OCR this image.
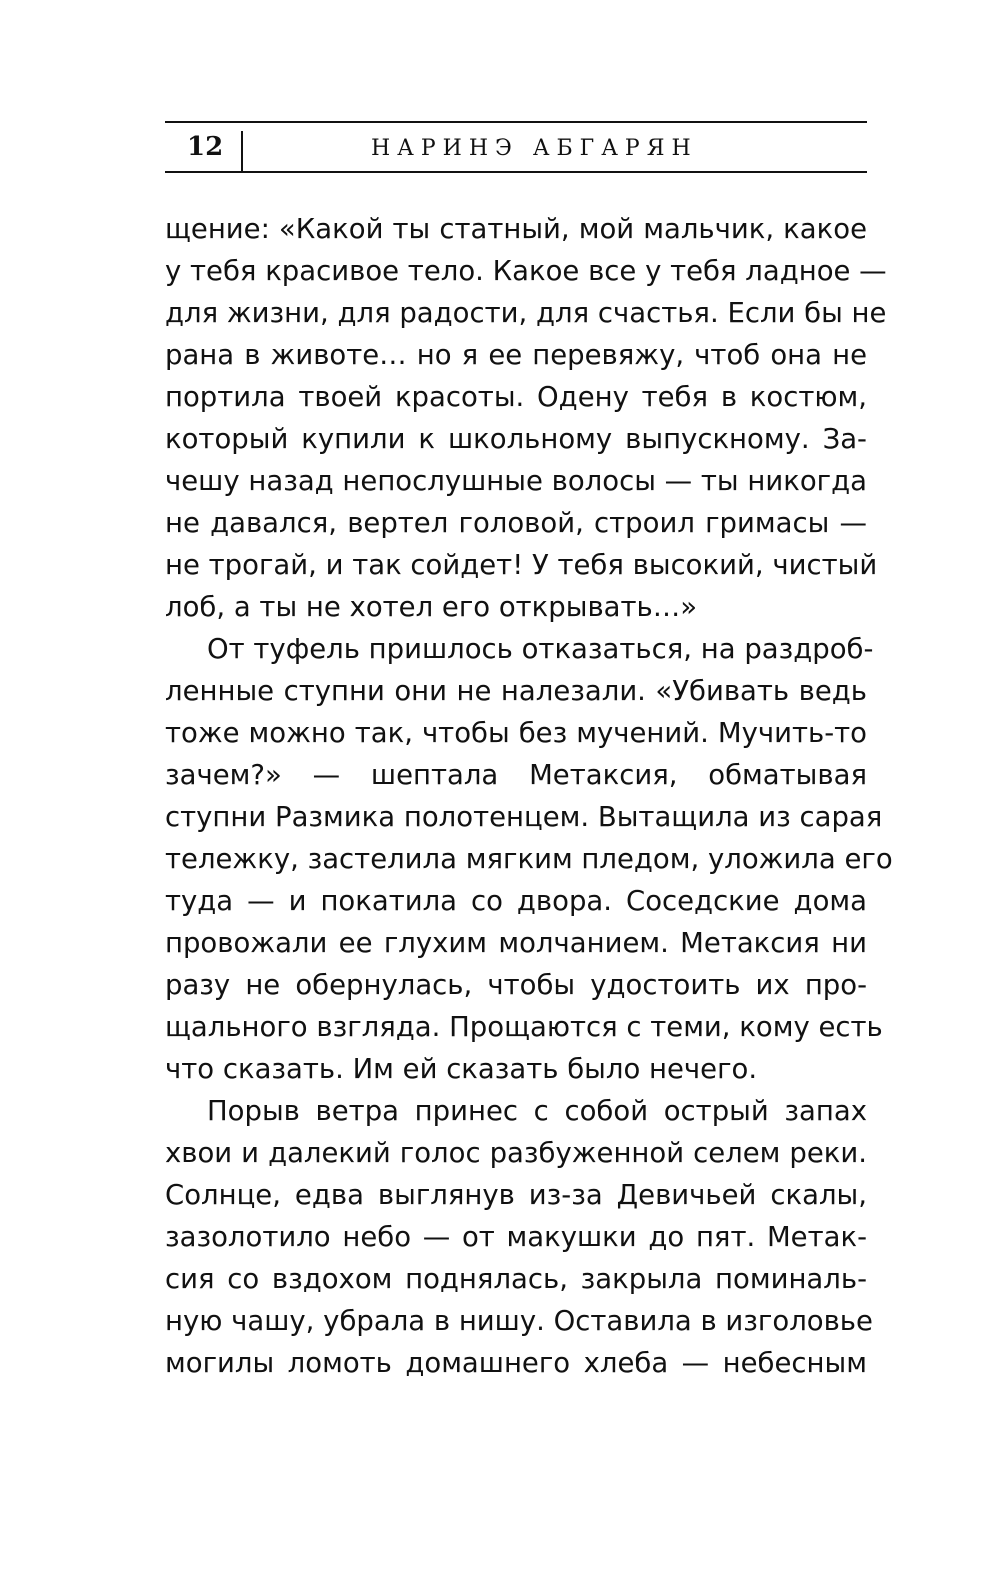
12	НАРИНЭ АБГАРЯН
щение: «Какой ты статный, мой мальчик, какое
у тебя красивое тело. Какое все у тебя ладное —
для жизни, для радости, для счастья. Если бы не
рана в животе… но я ее перевяжу, чтоб она не
портила твоей красоты. Одену тебя в костюм,
который купили к школьному выпускному. За-
чешу назад непослушные волосы — ты никогда
не давался, вертел головой, строил гримасы —
не трогай, и так сойдет! У тебя высокий, чистый
лоб, а ты не хотел его открывать…»
От туфель пришлось отказаться, на раздроб-
ленные ступни они не налезали. «Убивать ведь
тоже можно так, чтобы без мучений. Мучить-то
зачем?» — шептала Метаксия, обматывая
ступни Размика полотенцем. Вытащила из сарая
тележку, застелила мягким пледом, уложила его
туда — и покатила со двора. Соседские дома
провожали ее глухим молчанием. Метаксия ни
разу не обернулась, чтобы удостоить их про-
щального взгляда. Прощаются с теми, кому есть
что сказать. Им ей сказать было нечего.
Порыв ветра принес с собой острый запах
хвои и далекий голос разбуженной селем реки.
Солнце, едва выглянув из-за Девичьей скалы,
зазолотило небо — от макушки до пят. Метак-
сия со вздохом поднялась, закрыла поминаль-
ную чашу, убрала в нишу. Оставила в изголовье
могилы ломоть домашнего хлеба — небесным
